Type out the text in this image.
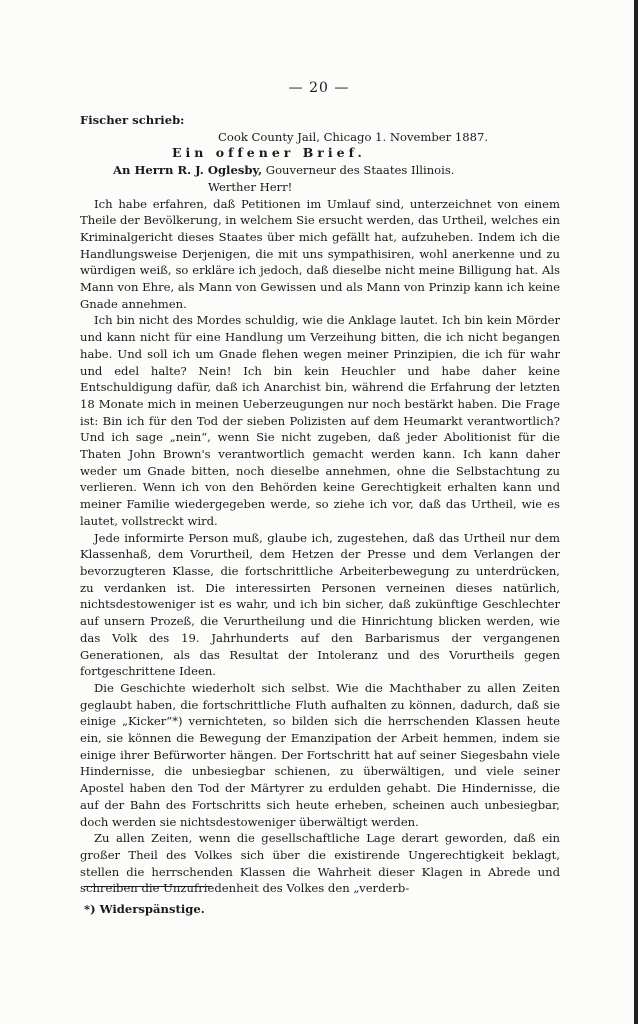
— 20 —
Fischer schrieb:
Cook County Jail, Chicago 1. November 1887.
Ein offener Brief.
An Herrn R. J. Oglesby, Gouverneur des Staates Illinois.
Werther Herr!

Ich habe erfahren, daß Petitionen im Umlauf sind, unterzeichnet von einem Theile der Bevölkerung, in welchem Sie ersucht werden, das Urtheil, welches ein Kriminalgericht dieses Staates über mich gefällt hat, aufzuheben. Indem ich die Handlungsweise Derjenigen, die mit uns sympathisiren, wohl anerkenne und zu würdigen weiß, so erkläre ich jedoch, daß dieselbe nicht meine Billigung hat. Als Mann von Ehre, als Mann von Gewissen und als Mann von Prinzip kann ich keine Gnade annehmen.

Ich bin nicht des Mordes schuldig, wie die Anklage lautet. Ich bin kein Mörder und kann nicht für eine Handlung um Verzeihung bitten, die ich nicht begangen habe. Und soll ich um Gnade flehen wegen meiner Prinzipien, die ich für wahr und edel halte? Nein! Ich bin kein Heuchler und habe daher keine Entschuldigung dafür, daß ich Anarchist bin, während die Erfahrung der letzten 18 Monate mich in meinen Ueberzeugungen nur noch bestärkt haben. Die Frage ist: Bin ich für den Tod der sieben Polizisten auf dem Heumarkt verantwortlich? Und ich sage „nein“, wenn Sie nicht zugeben, daß jeder Abolitionist für die Thaten John Brown's verantwortlich gemacht werden kann. Ich kann daher weder um Gnade bitten, noch dieselbe annehmen, ohne die Selbstachtung zu verlieren. Wenn ich von den Behörden keine Gerechtigkeit erhalten kann und meiner Familie wiedergegeben werde, so ziehe ich vor, daß das Urtheil, wie es lautet, vollstreckt wird.

Jede informirte Person muß, glaube ich, zugestehen, daß das Urtheil nur dem Klassenhaß, dem Vorurtheil, dem Hetzen der Presse und dem Verlangen der bevorzugteren Klasse, die fortschrittliche Arbeiterbewegung zu unterdrücken, zu verdanken ist. Die interessirten Personen verneinen dieses natürlich, nichtsdestoweniger ist es wahr, und ich bin sicher, daß zukünftige Geschlechter auf unsern Prozeß, die Verurtheilung und die Hinrichtung blicken werden, wie das Volk des 19. Jahrhunderts auf den Barbarismus der vergangenen Generationen, als das Resultat der Intoleranz und des Vorurtheils gegen fortgeschrittene Ideen.

Die Geschichte wiederholt sich selbst. Wie die Machthaber zu allen Zeiten geglaubt haben, die fortschrittliche Fluth aufhalten zu können, dadurch, daß sie einige „Kicker“*) vernichteten, so bilden sich die herrschenden Klassen heute ein, sie können die Bewegung der Emanzipation der Arbeit hemmen, indem sie einige ihrer Befürworter hängen. Der Fortschritt hat auf seiner Siegesbahn viele Hindernisse, die unbesiegbar schienen, zu überwältigen, und viele seiner Apostel haben den Tod der Märtyrer zu erdulden gehabt. Die Hindernisse, die auf der Bahn des Fortschritts sich heute erheben, scheinen auch unbesiegbar, doch werden sie nichtsdestoweniger überwältigt werden.

Zu allen Zeiten, wenn die gesellschaftliche Lage derart geworden, daß ein großer Theil des Volkes sich über die existirende Ungerechtigkeit beklagt, stellen die herrschenden Klassen die Wahrheit dieser Klagen in Abrede und schreiben die Unzufriedenheit des Volkes den „verderb-

*) Widerspänstige.
